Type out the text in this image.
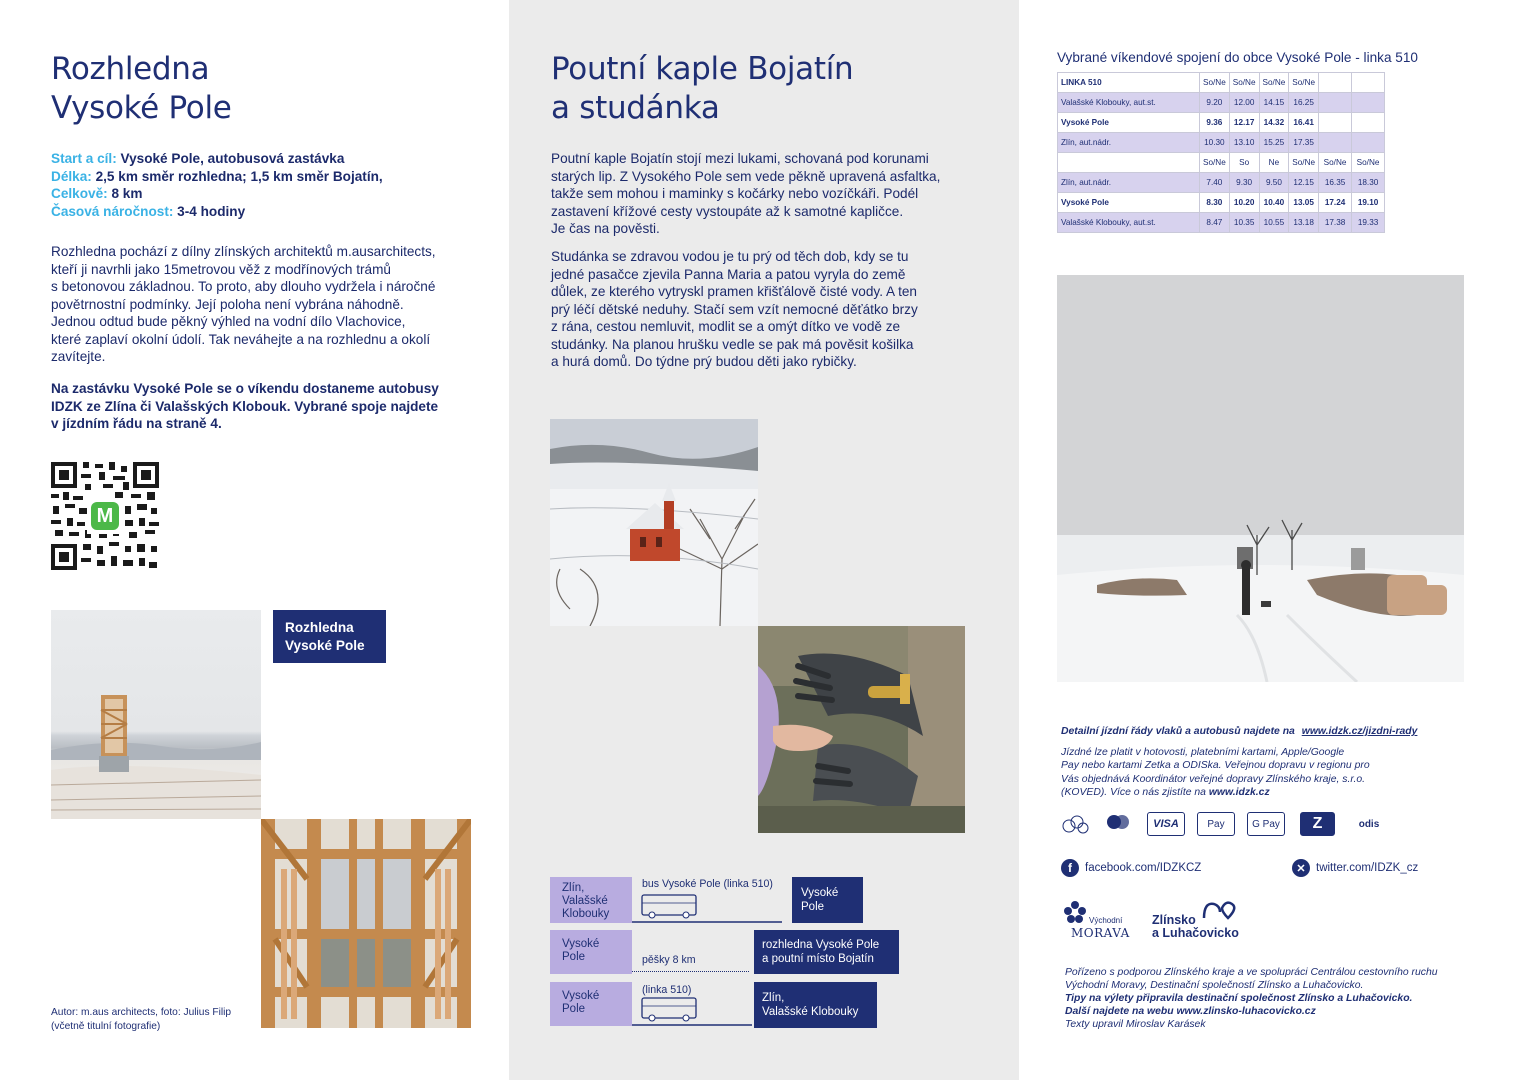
Rozhledna
Vysoké Pole
Start a cíl: Vysoké Pole, autobusová zastávka
Délka: 2,5 km směr rozhledna; 1,5 km směr Bojatín,
Celkově: 8 km
Časová náročnost: 3-4 hodiny
Rozhledna pochází z dílny zlínských architektů m.ausarchitects,
kteří ji navrhli jako 15metrovou věž z modřínových trámů
s betonovou základnou. To proto, aby dlouho vydržela i náročné
povětrnostní podmínky. Její poloha není vybrána náhodně.
Jednou odtud bude pěkný výhled na vodní dílo Vlachovice,
které zaplaví okolní údolí. Tak neváhejte a na rozhlednu a okolí
zavítejte.
Na zastávku Vysoké Pole se o víkendu dostaneme autobusy
IDZK ze Zlína či Valašských Klobouk. Vybrané spoje najdete
v jízdním řádu na straně 4.
M
Rozhledna
Vysoké Pole
Autor: m.aus architects, foto: Julius Filip
(včetně titulní fotografie)
Poutní kaple Bojatín
a studánka
Poutní kaple Bojatín stojí mezi lukami, schovaná pod korunami
starých lip. Z Vysokého Pole sem vede pěkně upravená asfaltka,
takže sem mohou i maminky s kočárky nebo vozíčkáři. Podél
zastavení křížové cesty vystoupáte až k samotné kapličce.
Je čas na pověsti.
Studánka se zdravou vodou je tu prý od těch dob, kdy se tu
jedné pasačce zjevila Panna Maria a patou vyryla do země
důlek, ze kterého vytryskl pramen křišťálově čisté vody. A ten
prý léčí dětské neduhy. Stačí sem vzít nemocné děťátko brzy
z rána, cestou nemluvit, modlit se a omýt dítko ve vodě ze
studánky. Na planou hrušku vedle se pak má pověsit košilka
a hurá domů. Do týdne prý budou děti jako rybičky.
Zlín,
Valašské
Klobouky
bus Vysoké Pole (linka 510)
Vysoké
Pole
Vysoké
Pole	pěšky 8 km
rozhledna Vysoké Pole
a poutní místo Bojatín
Vysoké
Pole
(linka 510)
Zlín,
Valašské Klobouky
Vybrané víkendové spojení do obce Vysoké Pole - linka 510
LINKA 510	So/Ne	So/Ne	So/Ne	So/Ne		
Valašské Klobouky, aut.st.	9.20	12.00	14.15	16.25		
Vysoké Pole	9.36	12.17	14.32	16.41		
Zlín, aut.nádr.	10.30	13.10	15.25	17.35		
	So/Ne	So	Ne	So/Ne	So/Ne	So/Ne
Zlín, aut.nádr.	7.40	9.30	9.50	12.15	16.35	18.30
Vysoké Pole	8.30	10.20	10.40	13.05	17.24	19.10
Valašské Klobouky, aut.st.	8.47	10.35	10.55	13.18	17.38	19.33
Detailní jízdní řády vlaků a autobusů najdete na www.idzk.cz/jizdni-rady
Jízdné lze platit v hotovosti, platebními kartami, Apple/Google
Pay nebo kartami Zetka a ODISka. Veřejnou dopravu v regionu pro
Vás objednává Koordinátor veřejné dopravy Zlínského kraje, s.r.o.
(KOVED). Více o nás zjistíte na www.idzk.cz
VISA	Pay	G Pay	Z	odis
f	facebook.com/IDZKCZ	✕ twitter.com/IDZK_cz
Východní
MORAVA
Zlínsko
a Luhačovicko
Pořízeno s podporou Zlínského kraje a ve spolupráci Centrálou cestovního ruchu
Východní Moravy, Destinační společností Zlínsko a Luhačovicko.
Tipy na výlety připravila destinační společnost Zlínsko a Luhačovicko.
Další najdete na webu www.zlinsko-luhacovicko.cz
Texty upravil Miroslav Karásek
